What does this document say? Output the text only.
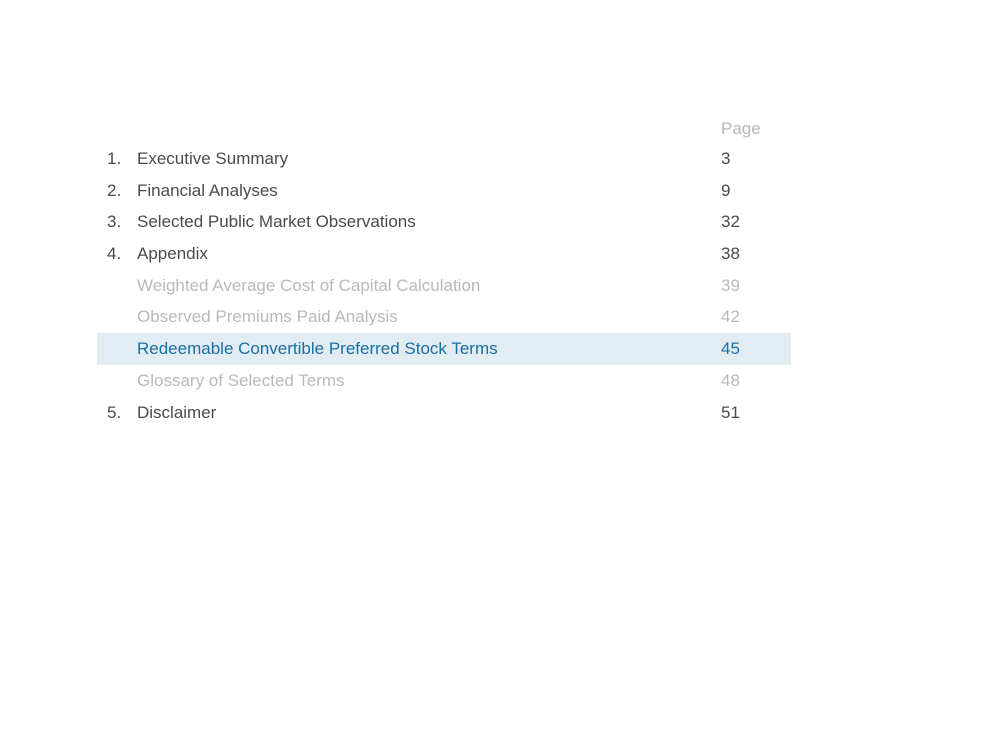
Page
1. Executive Summary	3
2. Financial Analyses	9
3. Selected Public Market Observations	32
4. Appendix	38
Weighted Average Cost of Capital Calculation	39
Observed Premiums Paid Analysis	42
Redeemable Convertible Preferred Stock Terms	45
Glossary of Selected Terms	48
5. Disclaimer	51
